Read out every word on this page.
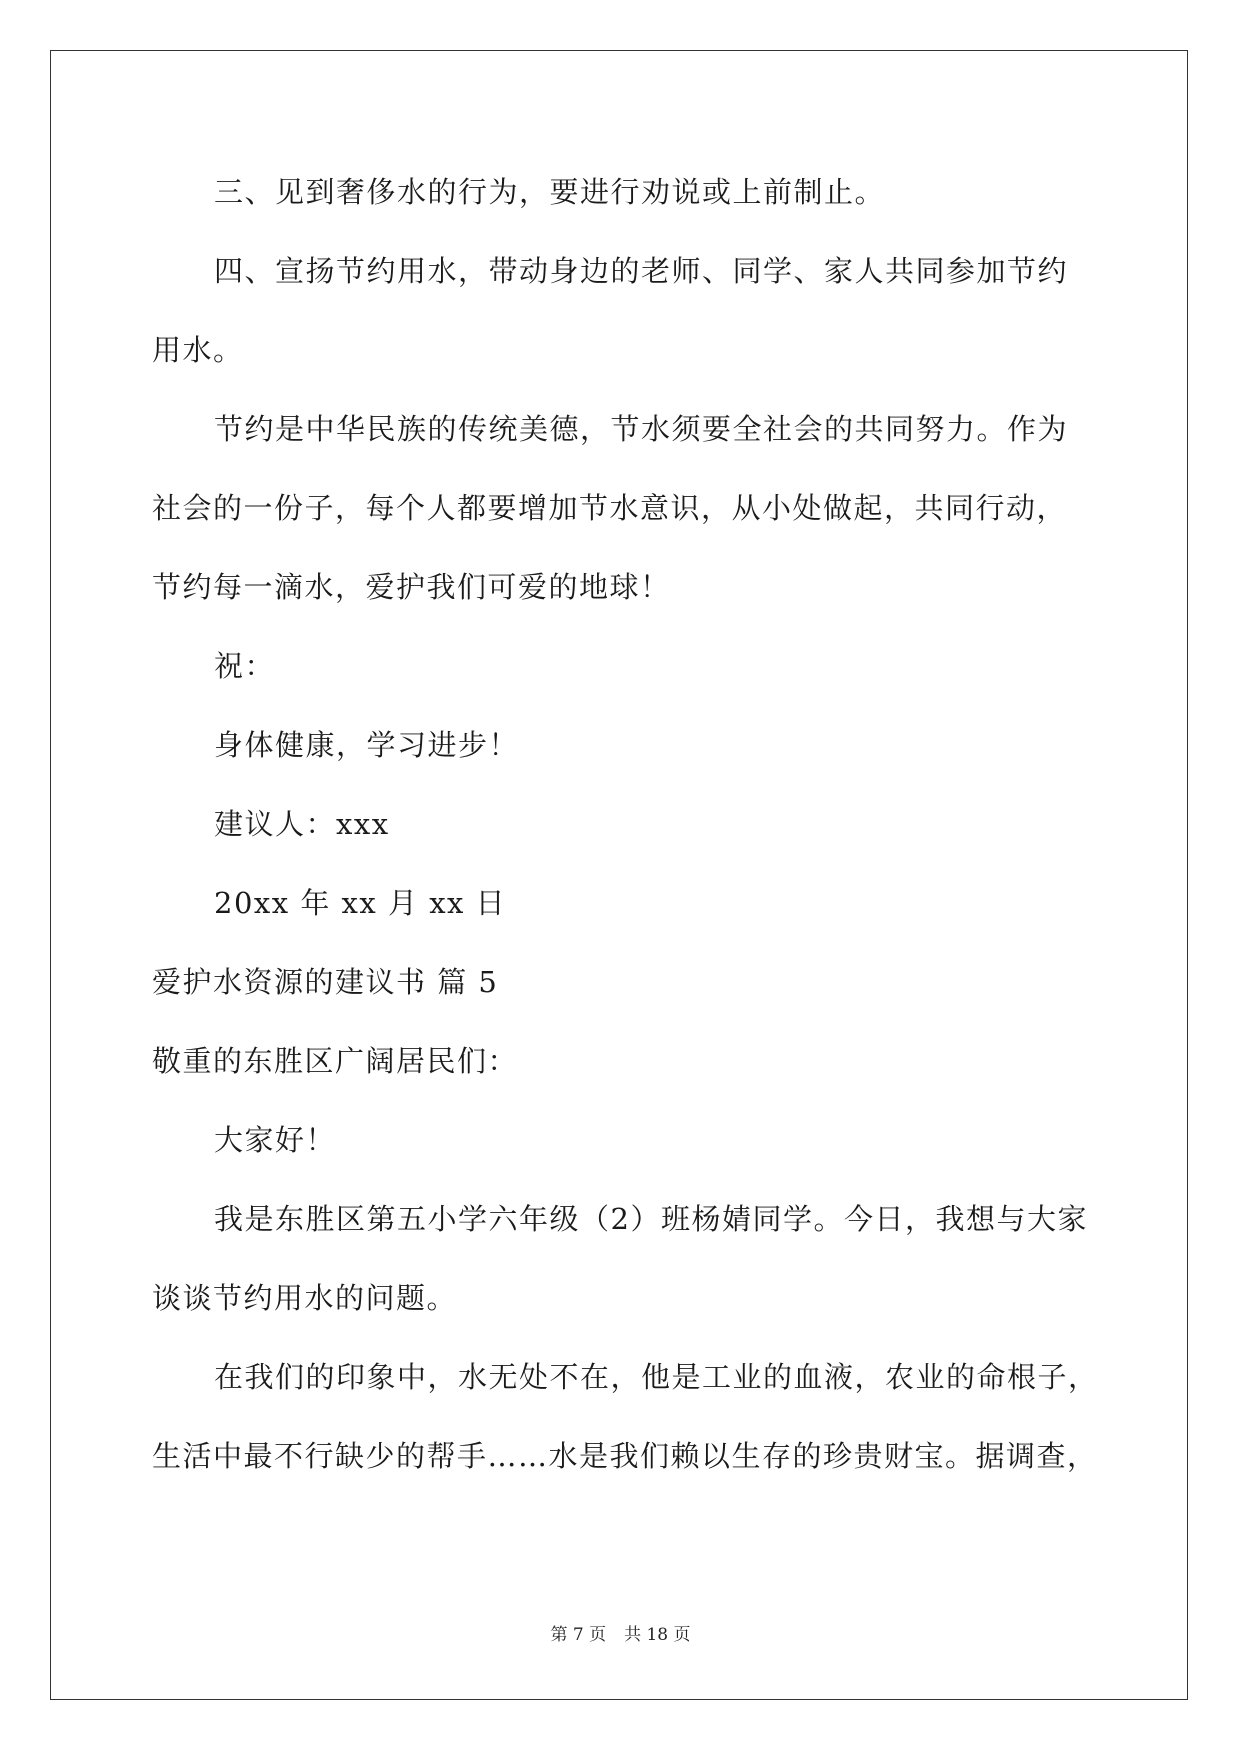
三、见到奢侈水的行为，要进行劝说或上前制止。
四、宣扬节约用水，带动身边的老师、同学、家人共同参加节约
用水。
节约是中华民族的传统美德，节水须要全社会的共同努力。作为
社会的一份子，每个人都要增加节水意识，从小处做起，共同行动，
节约每一滴水，爱护我们可爱的地球！
祝：
身体健康，学习进步！
建议人：xxx
20xx 年 xx 月 xx 日
爱护水资源的建议书 篇 5
敬重的东胜区广阔居民们：
大家好！
我是东胜区第五小学六年级（2）班杨婧同学。今日，我想与大家
谈谈节约用水的问题。
在我们的印象中，水无处不在，他是工业的血液，农业的命根子，
生活中最不行缺少的帮手……水是我们赖以生存的珍贵财宝。据调查，
第 7 页 共 18 页
